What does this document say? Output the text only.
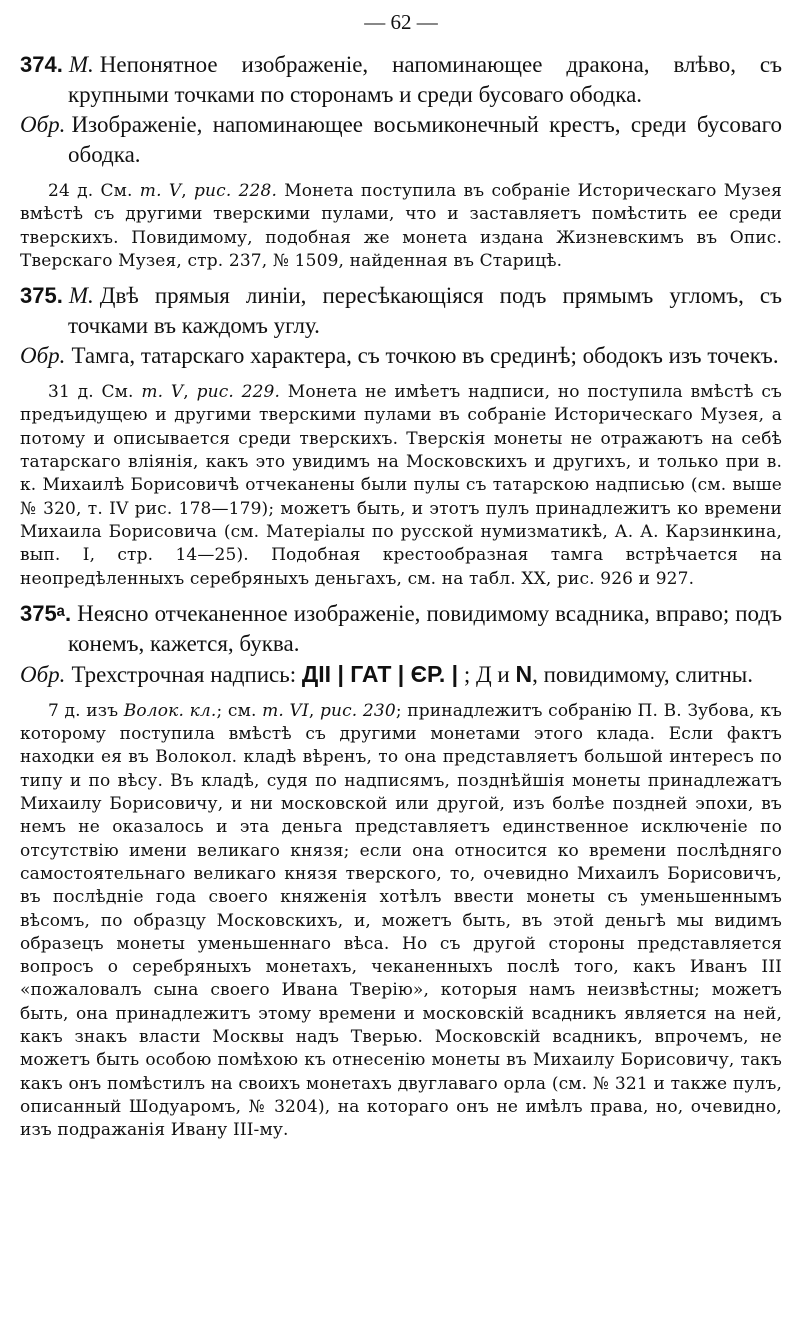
— 62 —
374. М. Непонятное изображенiе, напоминающее дракона, влѣво, съ крупными точками по сторонамъ и среди бусоваго ободка.
Обр. Изображенiе, напоминающее восьмиконечный крестъ, среди бусоваго ободка.

24 д. См. т. V, рис. 228. Монета поступила въ собранiе Историческаго Музея вмѣстѣ съ другими тверскими пулами, что и заставляетъ помѣстить ее среди тверскихъ. Повидимому, подобная же монета издана Жизневскимъ въ Опис. Тверскаго Музея, стр. 237, № 1509, найденная въ Старицѣ.

375. М. Двѣ прямыя линiи, пересѣкающiяся подъ прямымъ угломъ, съ точками въ каждомъ углу.
Обр. Тамга, татарскаго характера, съ точкою въ срединѣ; ободокъ изъ точекъ.

31 д. См. т. V, рис. 229. Монета не имѣетъ надписи, но поступила вмѣстѣ съ предъидущею и другими тверскими пулами въ собранiе Историческаго Музея, а потому и описывается среди тверскихъ. Тверскiя монеты не отражаютъ на себѣ татарскаго влiянiя, какъ это увидимъ на Московскихъ и другихъ, и только при в. к. Михаилѣ Борисовичѣ отчеканены были пулы съ татарскою надписью (см. выше № 320, т. IV рис. 178—179); можетъ быть, и этотъ пулъ принадлежитъ ко времени Михаила Борисовича (см. Матерiалы по русской нумизматикѣ, А. А. Карзинкина, вып. I, стр. 14—25). Подобная крестообразная тамга встрѣчается на неопредѣленныхъ серебряныхъ деньгахъ, см. на табл. XX, рис. 926 и 927.

375ᵃ. Неясно отчеканенное изображенiе, повидимому всадника, вправо; подъ конемъ, кажется, буква.
Обр. Трехстрочная надпись: ДII | ГАТ | ЄР. | ; Д и N, повидимому, слитны.

7 д. изъ Волок. кл.; см. т. VI, рис. 230; принадлежитъ собранiю П. В. Зубова, къ которому поступила вмѣстѣ съ другими монетами этого клада. Если фактъ находки ея въ Волокол. кладѣ вѣренъ, то она представляетъ большой интересъ по типу и по вѣсу. Въ кладѣ, судя по надписямъ, позднѣйшiя монеты принадлежатъ Михаилу Борисовичу, и ни московской или другой, изъ болѣе поздней эпохи, въ немъ не оказалось и эта деньга представляетъ единственное исключенiе по отсутствiю имени великаго князя; если она относится ко времени послѣдняго самостоятельнаго великаго князя тверского, то, очевидно Михаилъ Борисовичъ, въ послѣднiе года своего княженiя хотѣлъ ввести монеты съ уменьшеннымъ вѣсомъ, по образцу Московскихъ, и, можетъ быть, въ этой деньгѣ мы видимъ образецъ монеты уменьшеннаго вѣса. Но съ другой стороны представляется вопросъ о серебряныхъ монетахъ, чеканенныхъ послѣ того, какъ Иванъ III «пожаловалъ сына своего Ивана Тверiю», которыя намъ неизвѣстны; можетъ быть, она принадлежитъ этому времени и московскiй всадникъ является на ней, какъ знакъ власти Москвы надъ Тверью. Московскiй всадникъ, впрочемъ, не можетъ быть особою помѣхою къ отнесенiю монеты въ Михаилу Борисовичу, такъ какъ онъ помѣстилъ на своихъ монетахъ двуглаваго орла (см. № 321 и также пулъ, описанный Шодуаромъ, № 3204), на котораго онъ не имѣлъ права, но, очевидно, изъ подражанiя Ивану III-му.
